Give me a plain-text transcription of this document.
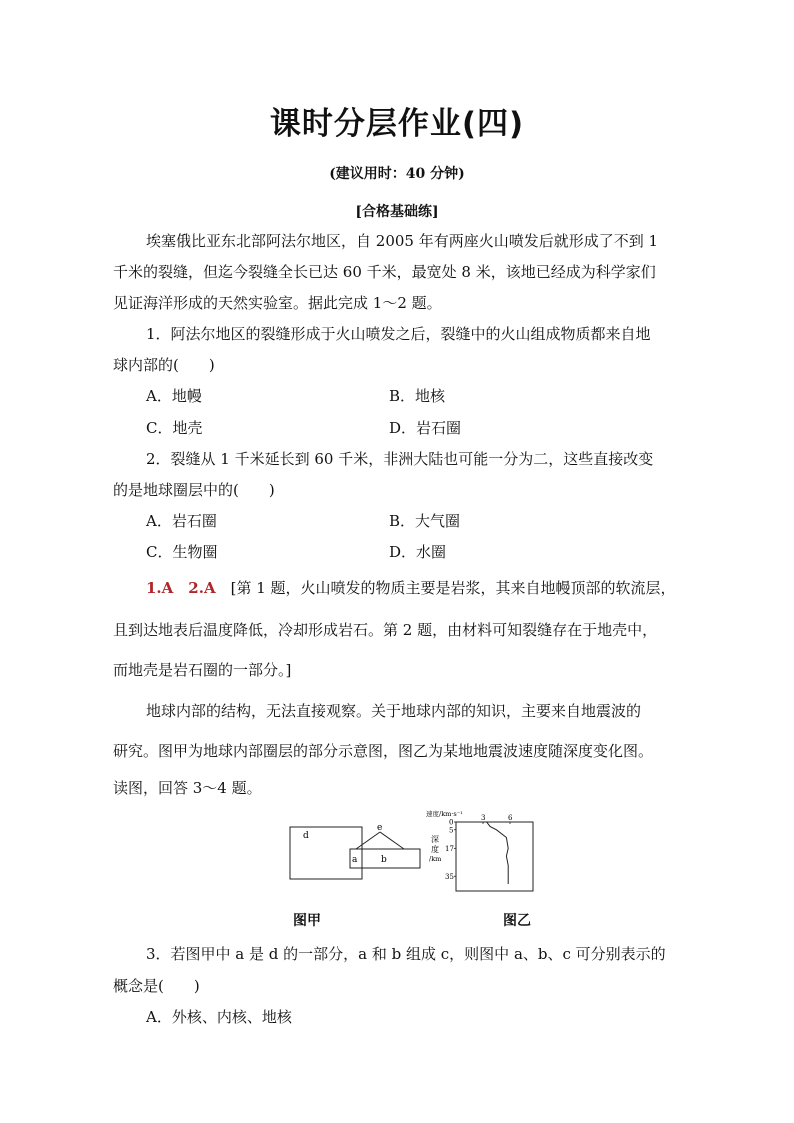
课时分层作业(四)
(建议用时：40 分钟)
[合格基础练]
埃塞俄比亚东北部阿法尔地区，自 2005 年有两座火山喷发后就形成了不到 1
千米的裂缝，但迄今裂缝全长已达 60 千米，最宽处 8 米，该地已经成为科学家们
见证海洋形成的天然实验室。据此完成 1～2 题。
1．阿法尔地区的裂缝形成于火山喷发之后，裂缝中的火山组成物质都来自地
球内部的(　　)
A．地幔	B．地核
C．地壳	D．岩石圈
2．裂缝从 1 千米延长到 60 千米，非洲大陆也可能一分为二，这些直接改变
的是地球圈层中的(　　)
A．岩石圈	B．大气圈
C．生物圈	D．水圈
1.A　2.A　 [第 1 题，火山喷发的物质主要是岩浆，其来自地幔顶部的软流层，
且到达地表后温度降低，冷却形成岩石。第 2 题，由材料可知裂缝存在于地壳中，
而地壳是岩石圈的一部分。]
地球内部的结构，无法直接观察。关于地球内部的知识，主要来自地震波的
研究。图甲为地球内部圈层的部分示意图，图乙为某地地震波速度随深度变化图。
读图，回答 3～4 题。
d
e
a	b
图甲
速度/km·s⁻¹
深
度
/km
3	6
0
5
17
35
图乙
3．若图甲中 a 是 d 的一部分，a 和 b 组成 c，则图中 a、b、c 可分别表示的
概念是(　　)
A．外核、内核、地核
